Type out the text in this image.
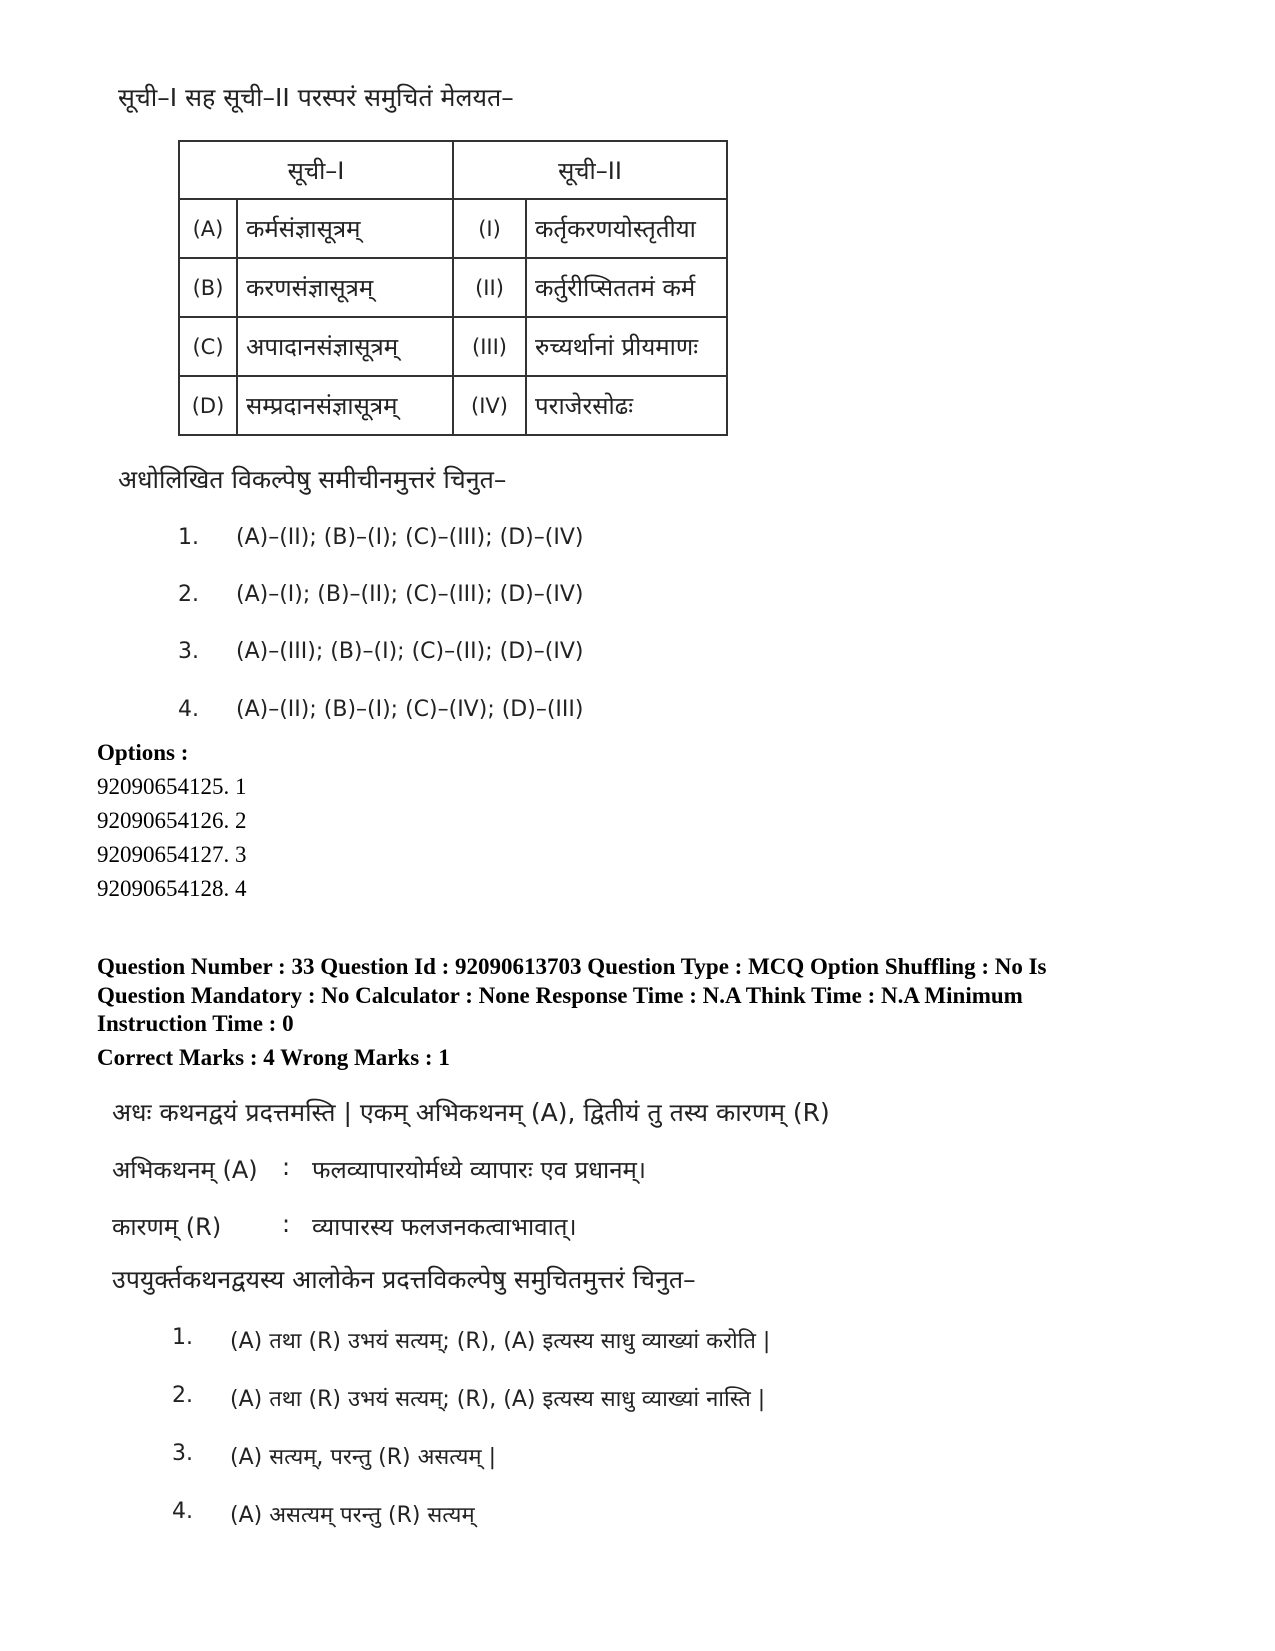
सूची–I सह सूची–II परस्परं समुचितं मेलयत–
सूची–I		सूची–II	
(A)	कर्मसंज्ञासूत्रम्	(I)	कर्तृकरणयोस्तृतीया
(B)	करणसंज्ञासूत्रम्	(II)	कर्तुरीप्सिततमं कर्म
(C)	अपादानसंज्ञासूत्रम्	(III)	रुच्यर्थानां प्रीयमाणः
(D)	सम्प्रदानसंज्ञासूत्रम्	(IV)	पराजेरसोढः
अधोलिखित विकल्पेषु समीचीनमुत्तरं चिनुत–
1. (A)–(II); (B)–(I); (C)–(III); (D)–(IV)
2. (A)–(I); (B)–(II); (C)–(III); (D)–(IV)
3. (A)–(III); (B)–(I); (C)–(II); (D)–(IV)
4. (A)–(II); (B)–(I); (C)–(IV); (D)–(III)
Options :
92090654125. 1
92090654126. 2
92090654127. 3
92090654128. 4
Question Number : 33 Question Id : 92090613703 Question Type : MCQ Option Shuffling : No Is
Question Mandatory : No Calculator : None Response Time : N.A Think Time : N.A Minimum
Instruction Time : 0
Correct Marks : 4 Wrong Marks : 1
अधः कथनद्वयं प्रदत्तमस्ति | एकम् अभिकथनम् (A), द्वितीयं तु तस्य कारणम् (R)
अभिकथनम् (A) : फलव्यापारयोर्मध्ये व्यापारः एव प्रधानम्।
कारणम् (R)	: व्यापारस्य फलजनकत्वाभावात्।
उपयुर्क्तकथनद्वयस्य आलोकेन प्रदत्तविकल्पेषु समुचितमुत्तरं चिनुत–
1. (A) तथा (R) उभयं सत्यम्; (R), (A) इत्यस्य साधु व्याख्यां करोति |
2. (A) तथा (R) उभयं सत्यम्; (R), (A) इत्यस्य साधु व्याख्यां नास्ति |
3. (A) सत्यम्, परन्तु (R) असत्यम् |
4. (A) असत्यम् परन्तु (R) सत्यम्
